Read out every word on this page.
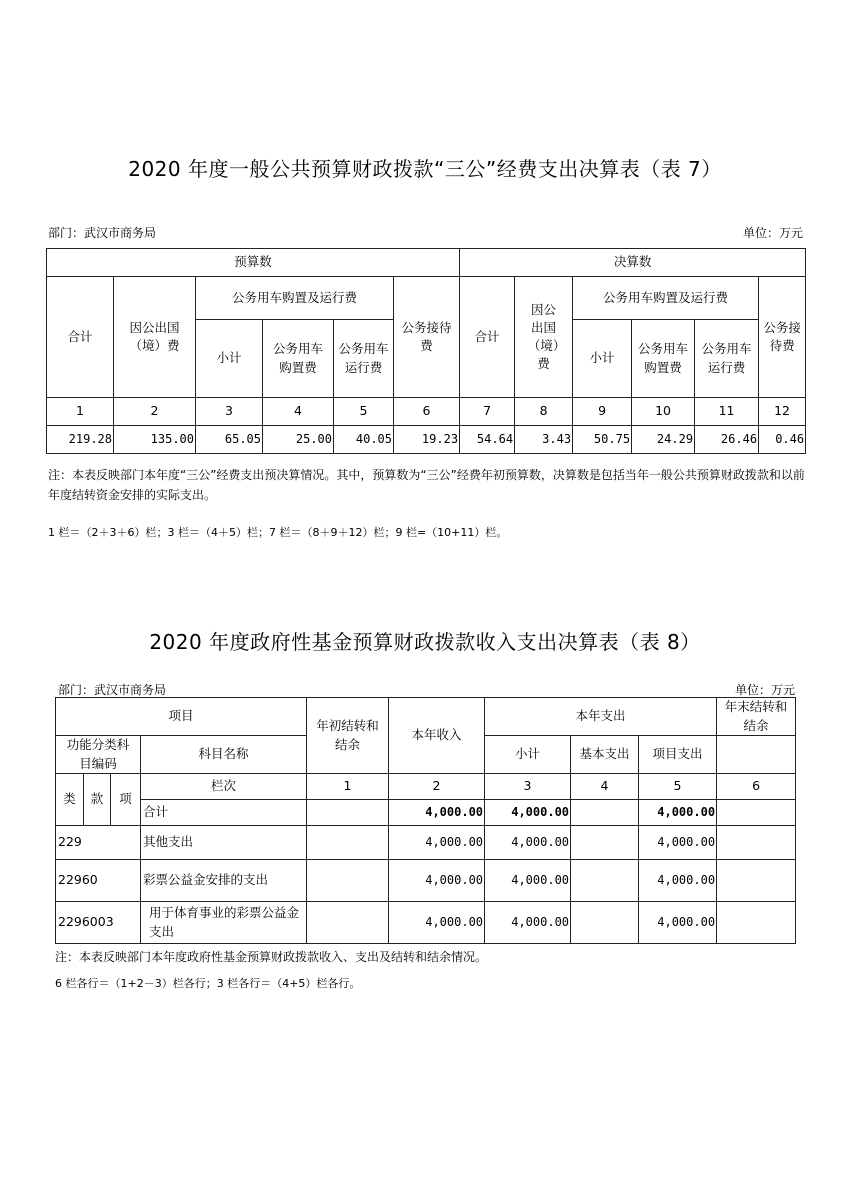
2020 年度一般公共预算财政拨款“三公”经费支出决算表（表 7）
部门：武汉市商务局	单位：万元
预算数						决算数					
合计	因公出国（境）费	公务用车购置及运行费			公务接待费	合计	因公出国（境）费	公务用车购置及运行费			公务接待费
		小计	公务用车购置费	公务用车运行费				小计	公务用车购置费	公务用车运行费	
1	2	3	4	5	6	7	8	9	10	11	12
219.28	135.00	65.05	25.00	40.05	19.23	54.64	3.43	50.75	24.29	26.46	0.46
注：本表反映部门本年度“三公”经费支出预决算情况。其中，预算数为“三公”经费年初预算数，决算数是包括当年一般公共预算财政拨款和以前年度结转资金安排的实际支出。
1 栏＝（2＋3＋6）栏；3 栏＝（4＋5）栏；7 栏＝（8＋9＋12）栏；9 栏=（10+11）栏。
2020 年度政府性基金预算财政拨款收入支出决算表（表 8）
部门：武汉市商务局	单位：万元
项目				年初结转和结余	本年收入	本年支出			年末结转和结余
功能分类科目编码			科目名称			小计	基本支出	项目支出	
类	款	项	栏次	1	2	3	4	5	6
			合计		4,000.00	4,000.00		4,000.00	
229			其他支出		4,000.00	4,000.00		4,000.00	
22960			彩票公益金安排的支出		4,000.00	4,000.00		4,000.00	
2296003			用于体育事业的彩票公益金支出		4,000.00	4,000.00		4,000.00	
注：本表反映部门本年度政府性基金预算财政拨款收入、支出及结转和结余情况。
6 栏各行＝（1+2－3）栏各行；3 栏各行＝（4+5）栏各行。
